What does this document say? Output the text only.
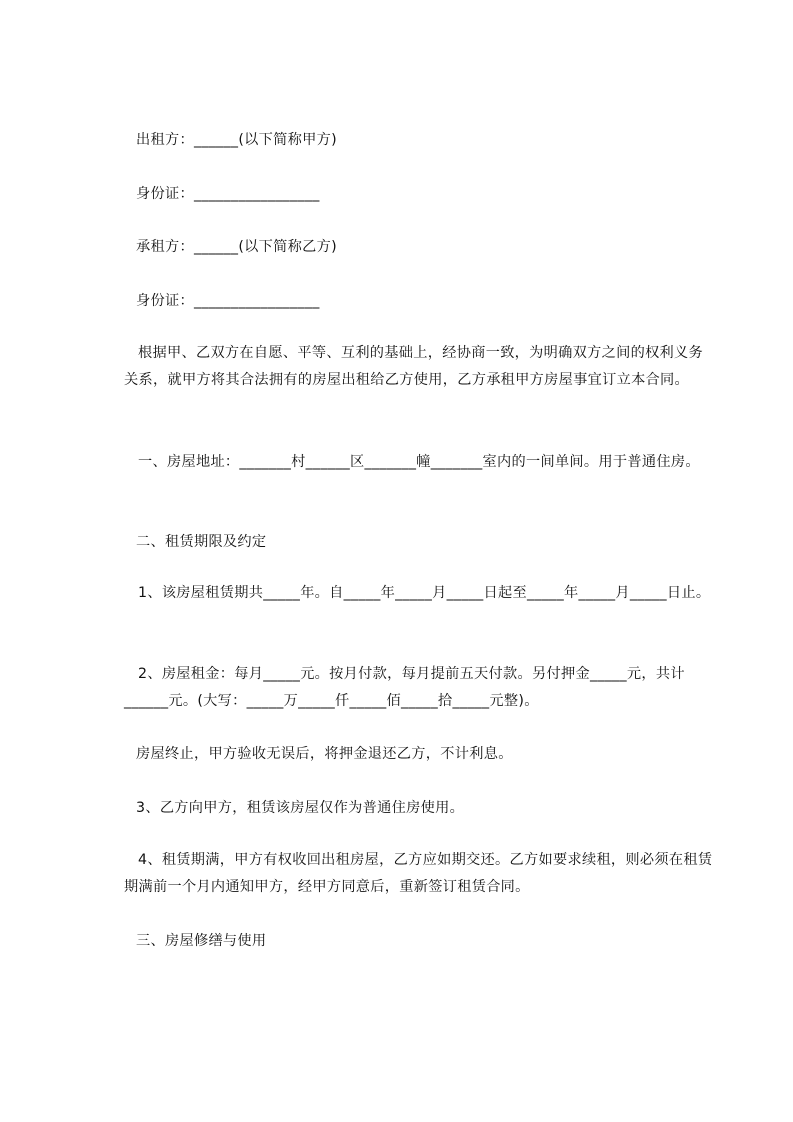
出租方：______(以下简称甲方)
身份证：_________________
承租方：______(以下简称乙方)
身份证：_________________
根据甲、乙双方在自愿、平等、互利的基础上，经协商一致，为明确双方之间的权利义务关系，就甲方将其合法拥有的房屋出租给乙方使用，乙方承租甲方房屋事宜订立本合同。
一、房屋地址：_______村______区_______幢_______室内的一间单间。用于普通住房。
二、租赁期限及约定
1、该房屋租赁期共_____年。自_____年_____月_____日起至_____年_____月_____日止。
2、房屋租金：每月_____元。按月付款，每月提前五天付款。另付押金_____元，共计______元。(大写：_____万_____仟_____佰_____拾_____元整)。
房屋终止，甲方验收无误后，将押金退还乙方，不计利息。
3、乙方向甲方，租赁该房屋仅作为普通住房使用。
4、租赁期满，甲方有权收回出租房屋，乙方应如期交还。乙方如要求续租，则必须在租赁期满前一个月内通知甲方，经甲方同意后，重新签订租赁合同。
三、房屋修缮与使用
